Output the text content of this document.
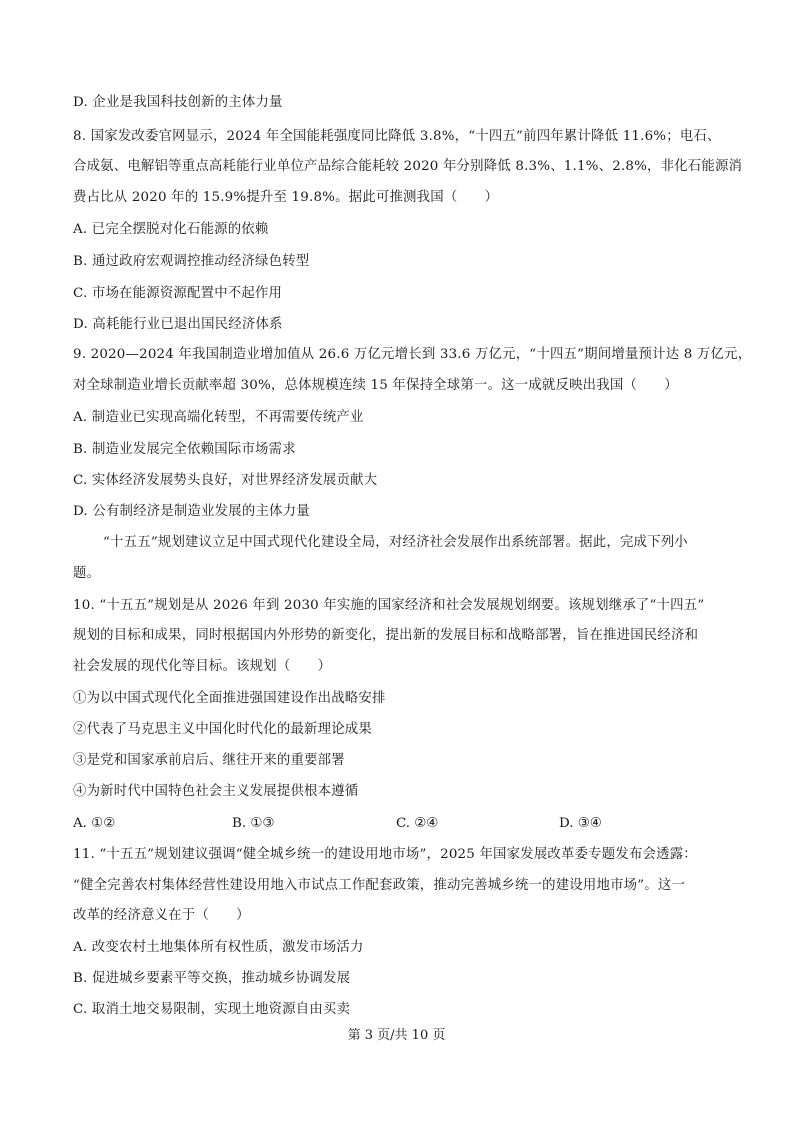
D. 企业是我国科技创新的主体力量
8. 国家发改委官网显示，2024 年全国能耗强度同比降低 3.8%，“十四五”前四年累计降低 11.6%；电石、
合成氨、电解铝等重点高耗能行业单位产品综合能耗较 2020 年分别降低 8.3%、1.1%、2.8%，非化石能源消
费占比从 2020 年的 15.9%提升至 19.8%。据此可推测我国（　　）
A. 已完全摆脱对化石能源的依赖
B. 通过政府宏观调控推动经济绿色转型
C. 市场在能源资源配置中不起作用
D. 高耗能行业已退出国民经济体系
9. 2020—2024 年我国制造业增加值从 26.6 万亿元增长到 33.6 万亿元，“十四五”期间增量预计达 8 万亿元，
对全球制造业增长贡献率超 30%，总体规模连续 15 年保持全球第一。这一成就反映出我国（　　）
A. 制造业已实现高端化转型，不再需要传统产业
B. 制造业发展完全依赖国际市场需求
C. 实体经济发展势头良好，对世界经济发展贡献大
D. 公有制经济是制造业发展的主体力量
“十五五”规划建议立足中国式现代化建设全局，对经济社会发展作出系统部署。据此，完成下列小
题。
10. “十五五”规划是从 2026 年到 2030 年实施的国家经济和社会发展规划纲要。该规划继承了“十四五”
规划的目标和成果，同时根据国内外形势的新变化，提出新的发展目标和战略部署，旨在推进国民经济和
社会发展的现代化等目标。该规划（　　）
①为以中国式现代化全面推进强国建设作出战略安排
②代表了马克思主义中国化时代化的最新理论成果
③是党和国家承前启后、继往开来的重要部署
④为新时代中国特色社会主义发展提供根本遵循
A. ①②	B. ①③	C. ②④	D. ③④
11. “十五五”规划建议强调“健全城乡统一的建设用地市场”，2025 年国家发展改革委专题发布会透露：
“健全完善农村集体经营性建设用地入市试点工作配套政策，推动完善城乡统一的建设用地市场”。这一
改革的经济意义在于（　　）
A. 改变农村土地集体所有权性质，激发市场活力
B. 促进城乡要素平等交换，推动城乡协调发展
C. 取消土地交易限制，实现土地资源自由买卖
第 3 页/共 10 页
